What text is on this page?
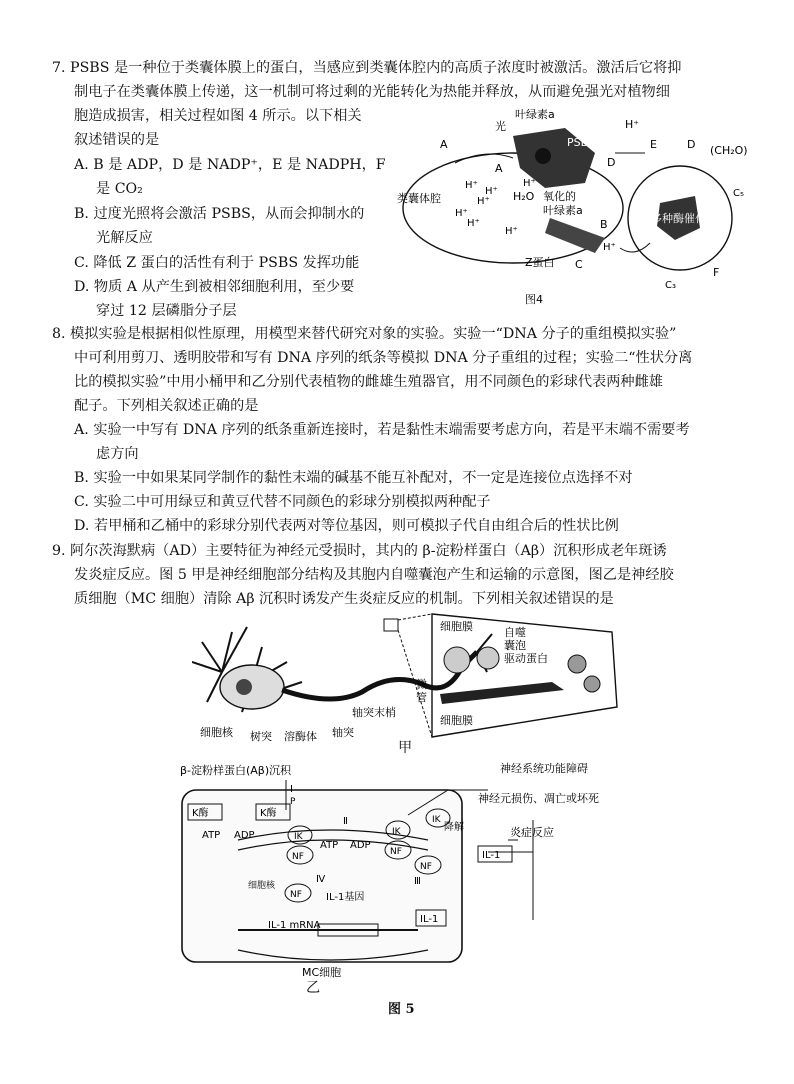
7. PSBS 是一种位于类囊体膜上的蛋白，当感应到类囊体腔内的高质子浓度时被激活。激活后它将抑
制电子在类囊体膜上传递，这一机制可将过剩的光能转化为热能并释放，从而避免强光对植物细
胞造成损害，相关过程如图 4 所示。以下相关
叙述错误的是
A. B 是 ADP，D 是 NADP⁺，E 是 NADPH，F
是 CO₂
B. 过度光照将会激活 PSBS，从而会抑制水的
光解反应
C. 降低 Z 蛋白的活性有利于 PSBS 发挥功能
D. 物质 A 从产生到被相邻细胞利用，至少要
穿过 12 层磷脂分子层
光
叶绿素a
PSBS
A
A
H⁺
E	D
D
(CH₂O)
C₅
C₃
F
B
C
H⁺
类囊体腔	H₂O 氧化的
叶绿素a
Z蛋白
多种酶催化
H⁺
H⁺
H⁺
H⁺
H⁺
H⁺
H⁺
图4
8. 模拟实验是根据相似性原理，用模型来替代研究对象的实验。实验一“DNA 分子的重组模拟实验”
中可利用剪刀、透明胶带和写有 DNA 序列的纸条等模拟 DNA 分子重组的过程；实验二“性状分离
比的模拟实验”中用小桶甲和乙分别代表植物的雌雄生殖器官，用不同颜色的彩球代表两种雌雄
配子。下列相关叙述正确的是
A. 实验一中写有 DNA 序列的纸条重新连接时，若是黏性末端需要考虑方向，若是平末端不需要考
虑方向
B. 实验一中如果某同学制作的黏性末端的碱基不能互补配对，不一定是连接位点选择不对
C. 实验二中可用绿豆和黄豆代替不同颜色的彩球分别模拟两种配子
D. 若甲桶和乙桶中的彩球分别代表两对等位基因，则可模拟子代自由组合后的性状比例
9. 阿尔茨海默病（AD）主要特征为神经元受损时，其内的 β-淀粉样蛋白（Aβ）沉积形成老年斑诱
发炎症反应。图 5 甲是神经细胞部分结构及其胞内自噬囊泡产生和运输的示意图，图乙是神经胶
质细胞（MC 细胞）清除 Aβ 沉积时诱发产生炎症反应的机制。下列相关叙述错误的是
细胞膜	自噬
囊泡
驱动蛋白
微
管
细胞膜
细胞核 树突 溶酶体 轴突
轴突末梢
甲
β-淀粉样蛋白(Aβ)沉积
I
K酶	K酶
P
ATP ADP	IK
NF
Ⅱ
ATP ADP
IK
NF
IK
NF
降解
Ⅲ
细胞核
NF
Ⅳ
IL-1基因
IL-1 mRNA
IL-1
IL-1
MC细胞
神经系统功能障碍
神经元损伤、凋亡或坏死
炎症反应
乙
图 5
